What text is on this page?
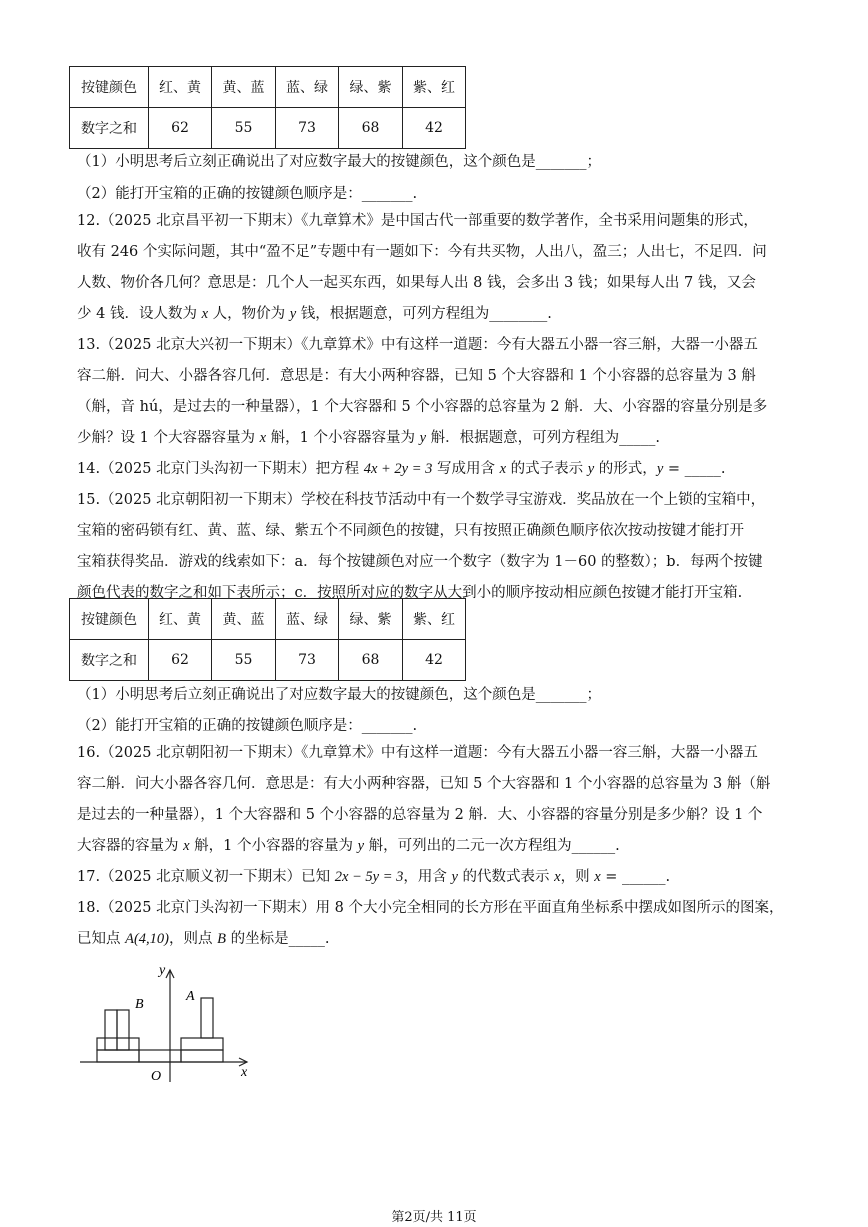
按键颜色	红、黄	黄、蓝	蓝、绿	绿、紫	紫、红
数字之和	62	55	73	68	42
（1）小明思考后立刻正确说出了对应数字最大的按键颜色，这个颜色是_______；
（2）能打开宝箱的正确的按键颜色顺序是：_______.
12.（2025 北京昌平初一下期末）《九章算术》是中国古代一部重要的数学著作，全书采用问题集的形式，
收有 246 个实际问题，其中“盈不足”专题中有一题如下：今有共买物，人出八，盈三；人出七，不足四．问
人数、物价各几何？意思是：几个人一起买东西，如果每人出 8 钱，会多出 3 钱；如果每人出 7 钱，又会
少 4 钱．设人数为 x 人，物价为 y 钱，根据题意，可列方程组为________.
13.（2025 北京大兴初一下期末）《九章算术》中有这样一道题：今有大器五小器一容三斛，大器一小器五
容二斛．问大、小器各容几何．意思是：有大小两种容器，已知 5 个大容器和 1 个小容器的总容量为 3 斛
（斛，音 hú，是过去的一种量器），1 个大容器和 5 个小容器的总容量为 2 斛．大、小容器的容量分别是多
少斛？设 1 个大容器容量为 x 斛，1 个小容器容量为 y 斛．根据题意，可列方程组为_____.
14.（2025 北京门头沟初一下期末）把方程 4x + 2y = 3 写成用含 x 的式子表示 y 的形式，y = _____.
15.（2025 北京朝阳初一下期末）学校在科技节活动中有一个数学寻宝游戏．奖品放在一个上锁的宝箱中，
宝箱的密码锁有红、黄、蓝、绿、紫五个不同颜色的按键，只有按照正确颜色顺序依次按动按键才能打开
宝箱获得奖品．游戏的线索如下：a．每个按键颜色对应一个数字（数字为 1－60 的整数）；b．每两个按键
颜色代表的数字之和如下表所示；c．按照所对应的数字从大到小的顺序按动相应颜色按键才能打开宝箱.
按键颜色	红、黄	黄、蓝	蓝、绿	绿、紫	紫、红
数字之和	62	55	73	68	42
（1）小明思考后立刻正确说出了对应数字最大的按键颜色，这个颜色是_______；
（2）能打开宝箱的正确的按键颜色顺序是：_______.
16.（2025 北京朝阳初一下期末）《九章算术》中有这样一道题：今有大器五小器一容三斛，大器一小器五
容二斛．问大小器各容几何．意思是：有大小两种容器，已知 5 个大容器和 1 个小容器的总容量为 3 斛（斛
是过去的一种量器），1 个大容器和 5 个小容器的总容量为 2 斛．大、小容器的容量分别是多少斛？设 1 个
大容器的容量为 x 斛，1 个小容器的容量为 y 斛，可列出的二元一次方程组为______.
17.（2025 北京顺义初一下期末）已知 2x − 5y = 3，用含 y 的代数式表示 x，则 x = ______.
18.（2025 北京门头沟初一下期末）用 8 个大小完全相同的长方形在平面直角坐标系中摆成如图所示的图案，
已知点 A(4,10)，则点 B 的坐标是_____.
y
x
O
A
B
第2页/共 11页
